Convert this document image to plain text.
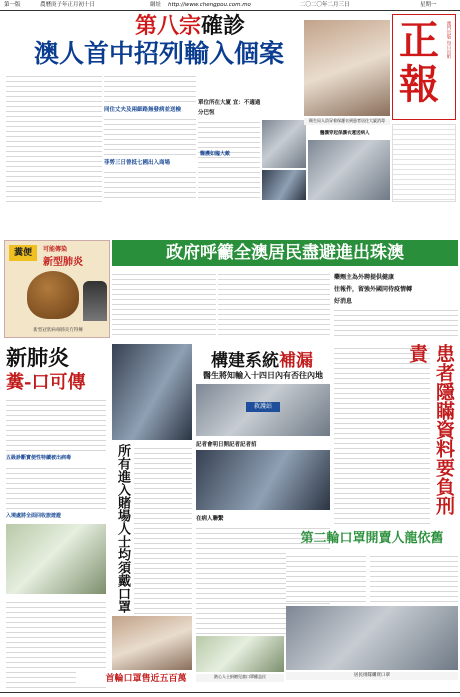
第一版	農曆庚子年正月初十日	網址 http://www.chengpou.com.mo	二〇二〇年二月三日	星期一
第八宗確診
澳人首中招列輸入個案
同住丈夫及兩細路無發病並送檢
菲勞三日曾抵七國出入商場
單位所在大廈 宜：不適過
分巴恆
醫護如臨大敵
衛生局人員穿着保護衣到患者居住大廈消毒
醫護穿起保護衣運送病人
正
報
澳門出版 每日出紙
政府呼籲全澳居民盡避進出珠澳
糞便	可能傳染
新型肺炎
新型冠狀病毒肺炎冇得傳
藥劑主為外聘提供健康
往報件，留強外國同待疫情轉
好消息
新肺炎
糞-口可傳
五級診斷實便性特續被出病毒
入境處將全面回收旅遊證	所有進入賭場人士均須戴口罩
首輪口罩售近五百萬
構建系統補漏
醫生將知輸入十四日內有否往內地
救護站
記者會明日開記者記者招
在病人聯繫
患者隱瞞資料要負刑責
第二輪口罩開賣人龍依舊
熱心人士捐贈兒童口罩權益民	居民排隊購買口罩
